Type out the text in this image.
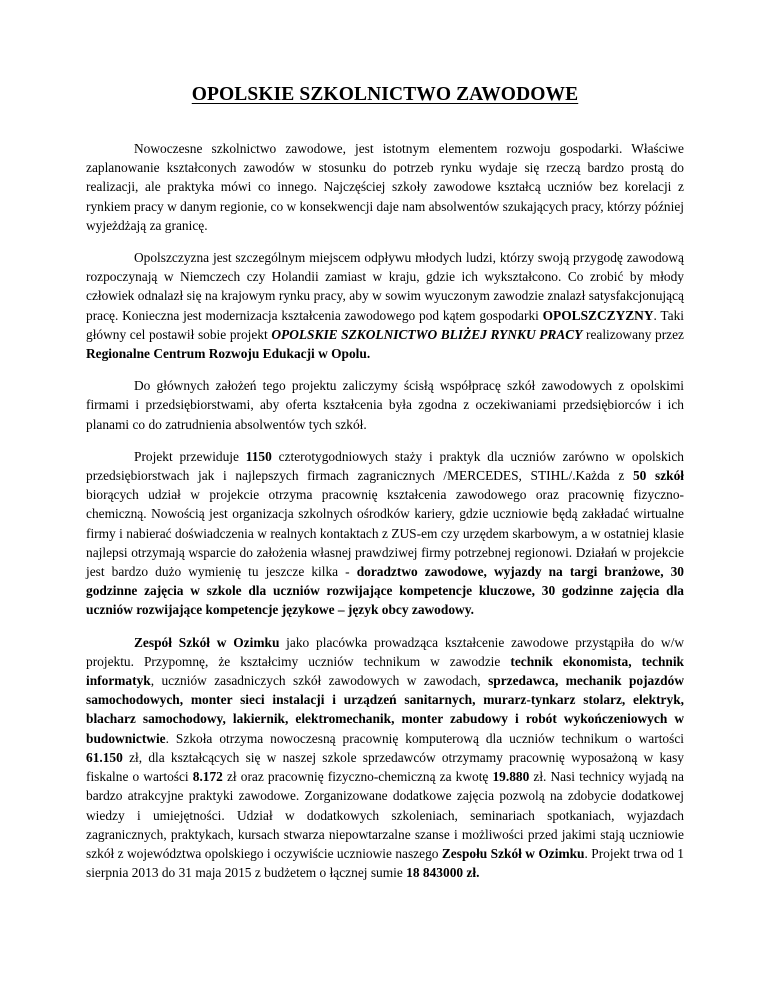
OPOLSKIE SZKOLNICTWO ZAWODOWE

Nowoczesne szkolnictwo zawodowe, jest istotnym elementem rozwoju gospodarki. Właściwe zaplanowanie kształconych zawodów w stosunku do potrzeb rynku wydaje się rzeczą bardzo prostą do realizacji, ale praktyka mówi co innego. Najczęściej szkoły zawodowe kształcą uczniów bez korelacji z rynkiem pracy w danym regionie, co w konsekwencji daje nam absolwentów szukających pracy, którzy później wyjeżdżają za granicę.

Opolszczyzna jest szczególnym miejscem odpływu młodych ludzi, którzy swoją przygodę zawodową rozpoczynają w Niemczech czy Holandii zamiast w kraju, gdzie ich wykształcono. Co zrobić by młody człowiek odnalazł się na krajowym rynku pracy, aby w sowim wyuczonym zawodzie znalazł satysfakcjonującą pracę. Konieczna jest modernizacja kształcenia zawodowego pod kątem gospodarki OPOLSZCZYZNY. Taki główny cel postawił sobie projekt OPOLSKIE SZKOLNICTWO BLIŻEJ RYNKU PRACY realizowany przez Regionalne Centrum Rozwoju Edukacji w Opolu.

Do głównych założeń tego projektu zaliczymy ścisłą współpracę szkół zawodowych z opolskimi firmami i przedsiębiorstwami, aby oferta kształcenia była zgodna z oczekiwaniami przedsiębiorców i ich planami co do zatrudnienia absolwentów tych szkół.

Projekt przewiduje 1150 czterotygodniowych staży i praktyk dla uczniów zarówno w opolskich przedsiębiorstwach jak i najlepszych firmach zagranicznych /MERCEDES, STIHL/.Każda z 50 szkół biorących udział w projekcie otrzyma pracownię kształcenia zawodowego oraz pracownię fizyczno-chemiczną. Nowością jest organizacja szkolnych ośrodków kariery, gdzie uczniowie będą zakładać wirtualne firmy i nabierać doświadczenia w realnych kontaktach z ZUS-em czy urzędem skarbowym, a w ostatniej klasie najlepsi otrzymają wsparcie do założenia własnej prawdziwej firmy potrzebnej regionowi. Działań w projekcie jest bardzo dużo wymienię tu jeszcze kilka - doradztwo zawodowe, wyjazdy na targi branżowe, 30 godzinne zajęcia w szkole dla uczniów rozwijające kompetencje kluczowe, 30 godzinne zajęcia dla uczniów rozwijające kompetencje językowe – język obcy zawodowy.

Zespół Szkół w Ozimku jako placówka prowadząca kształcenie zawodowe przystąpiła do w/w projektu. Przypomnę, że kształcimy uczniów technikum w zawodzie technik ekonomista, technik informatyk, uczniów zasadniczych szkół zawodowych w zawodach, sprzedawca, mechanik pojazdów samochodowych, monter sieci instalacji i urządzeń sanitarnych, murarz-tynkarz stolarz, elektryk, blacharz samochodowy, lakiernik, elektromechanik, monter zabudowy i robót wykończeniowych w budownictwie. Szkoła otrzyma nowoczesną pracownię komputerową dla uczniów technikum o wartości 61.150 zł, dla kształcących się w naszej szkole sprzedawców otrzymamy pracownię wyposażoną w kasy fiskalne o wartości 8.172 zł oraz pracownię fizyczno-chemiczną za kwotę 19.880 zł. Nasi technicy wyjadą na bardzo atrakcyjne praktyki zawodowe. Zorganizowane dodatkowe zajęcia pozwolą na zdobycie dodatkowej wiedzy i umiejętności. Udział w dodatkowych szkoleniach, seminariach spotkaniach, wyjazdach zagranicznych, praktykach, kursach stwarza niepowtarzalne szanse i możliwości przed jakimi stają uczniowie szkół z województwa opolskiego i oczywiście uczniowie naszego Zespołu Szkół w Ozimku. Projekt trwa od 1 sierpnia 2013 do 31 maja 2015 z budżetem o łącznej sumie 18 843000 zł.
